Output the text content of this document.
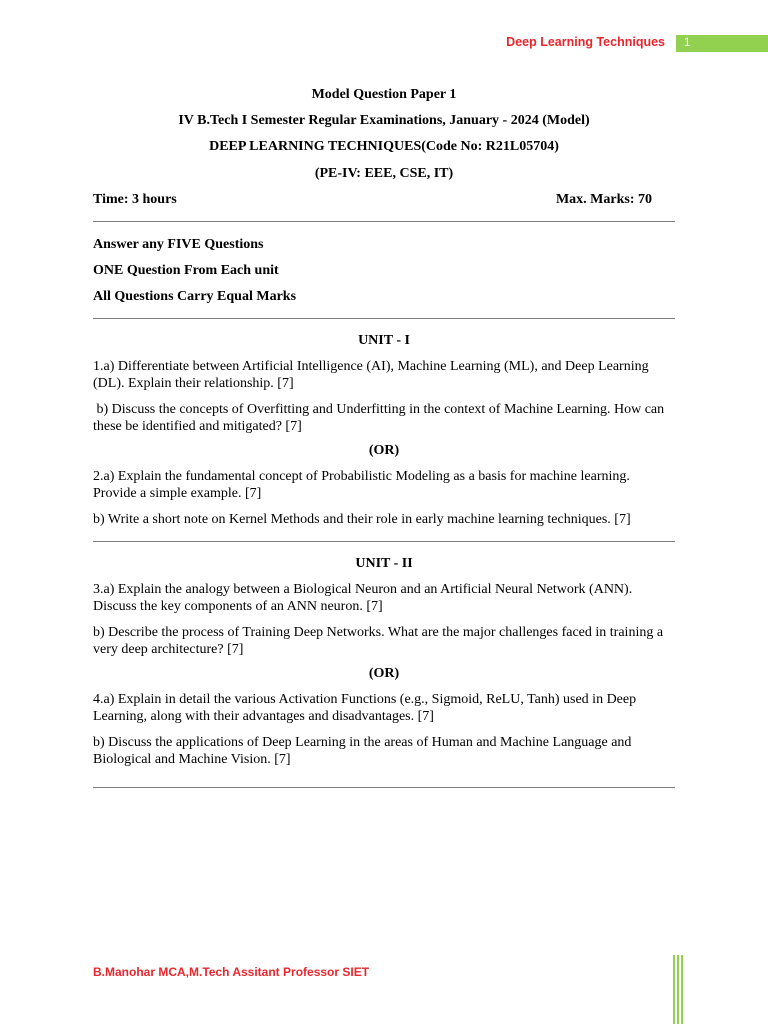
Deep Learning Techniques	1
Model Question Paper 1
IV B.Tech I Semester Regular Examinations, January - 2024 (Model)
DEEP LEARNING TECHNIQUES(Code No: R21L05704)
(PE-IV: EEE, CSE, IT)
Time: 3 hours	Max. Marks: 70
Answer any FIVE Questions
ONE Question From Each unit
All Questions Carry Equal Marks
UNIT - I
1.a) Differentiate between Artificial Intelligence (AI), Machine Learning (ML), and Deep Learning (DL). Explain their relationship. [7]
b) Discuss the concepts of Overfitting and Underfitting in the context of Machine Learning. How can these be identified and mitigated? [7]
(OR)
2.a) Explain the fundamental concept of Probabilistic Modeling as a basis for machine learning. Provide a simple example. [7]
b) Write a short note on Kernel Methods and their role in early machine learning techniques. [7]
UNIT - II
3.a) Explain the analogy between a Biological Neuron and an Artificial Neural Network (ANN). Discuss the key components of an ANN neuron. [7]
b) Describe the process of Training Deep Networks. What are the major challenges faced in training a very deep architecture? [7]
(OR)
4.a) Explain in detail the various Activation Functions (e.g., Sigmoid, ReLU, Tanh) used in Deep Learning, along with their advantages and disadvantages. [7]
b) Discuss the applications of Deep Learning in the areas of Human and Machine Language and Biological and Machine Vision. [7]
B.Manohar MCA,M.Tech Assitant Professor SIET
